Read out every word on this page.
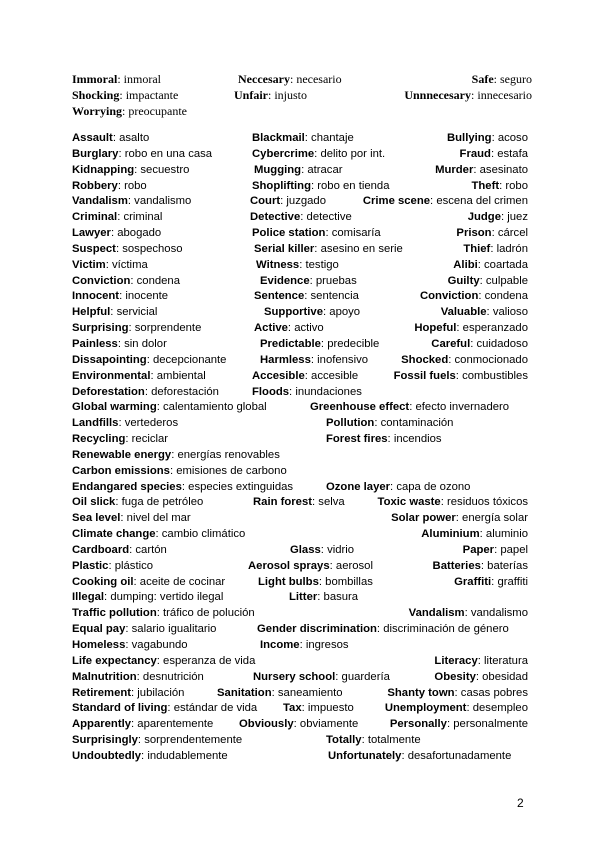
Immoral: inmoral	Neccesary: necesario	Safe: seguro
Shocking: impactante	Unfair: injusto	Unnnecesary: innecesario
Worrying: preocupante
Assault: asalto	Blackmail: chantaje	Bullying: acoso
Burglary: robo en una casa	Cybercrime: delito por int.	Fraud: estafa
Kidnapping: secuestro	Mugging: atracar	Murder: asesinato
Robbery: robo	Shoplifting: robo en tienda	Theft: robo
Vandalism: vandalismo	Court: juzgado	Crime scene: escena del crimen
Criminal: criminal	Detective: detective	Judge: juez
Lawyer: abogado	Police station: comisaría	Prison: cárcel
Suspect: sospechoso	Serial killer: asesino en serie	Thief: ladrón
Victim: víctima	Witness: testigo	Alibi: coartada
Conviction: condena	Evidence: pruebas	Guilty: culpable
Innocent: inocente	Sentence: sentencia	Conviction: condena
Helpful: servicial	Supportive: apoyo	Valuable: valioso
Surprising: sorprendente	Active: activo	Hopeful: esperanzado
Painless: sin dolor	Predictable: predecible	Careful: cuidadoso
Dissapointing: decepcionante	Harmless: inofensivo	Shocked: conmocionado
Environmental: ambiental	Accesible: accesible	Fossil fuels: combustibles
Deforestation: deforestación	Floods: inundaciones
Global warming: calentamiento global	Greenhouse effect: efecto invernadero
Landfills: vertederos	Pollution: contaminación
Recycling: reciclar	Forest fires: incendios
Renewable energy: energías renovables
Carbon emissions: emisiones de carbono
Endangared species: especies extinguidas	Ozone layer: capa de ozono
Oil slick: fuga de petróleo	Rain forest: selva	Toxic waste: residuos tóxicos
Sea level: nivel del mar	Solar power: energía solar
Climate change: cambio climático	Aluminium: aluminio
Cardboard: cartón	Glass: vidrio	Paper: papel
Plastic: plástico	Aerosol sprays: aerosol	Batteries: baterías
Cooking oil: aceite de cocinar	Light bulbs: bombillas	Graffiti: graffiti
Illegal: dumping: vertido ilegal	Litter: basura
Traffic pollution: tráfico de polución	Vandalism: vandalismo
Equal pay: salario igualitario	Gender discrimination: discriminación de género
Homeless: vagabundo	Income: ingresos
Life expectancy: esperanza de vida	Literacy: literatura
Malnutrition: desnutrición	Nursery school: guardería	Obesity: obesidad
Retirement: jubilación	Sanitation: saneamiento	Shanty town: casas pobres
Standard of living: estándar de vida Tax: impuesto	Unemployment: desempleo
Apparently: aparentemente Obviously: obviamente	Personally: personalmente
Surprisingly: sorprendentemente	Totally: totalmente
Undoubtedly: indudablemente	Unfortunately: desafortunadamente
2
